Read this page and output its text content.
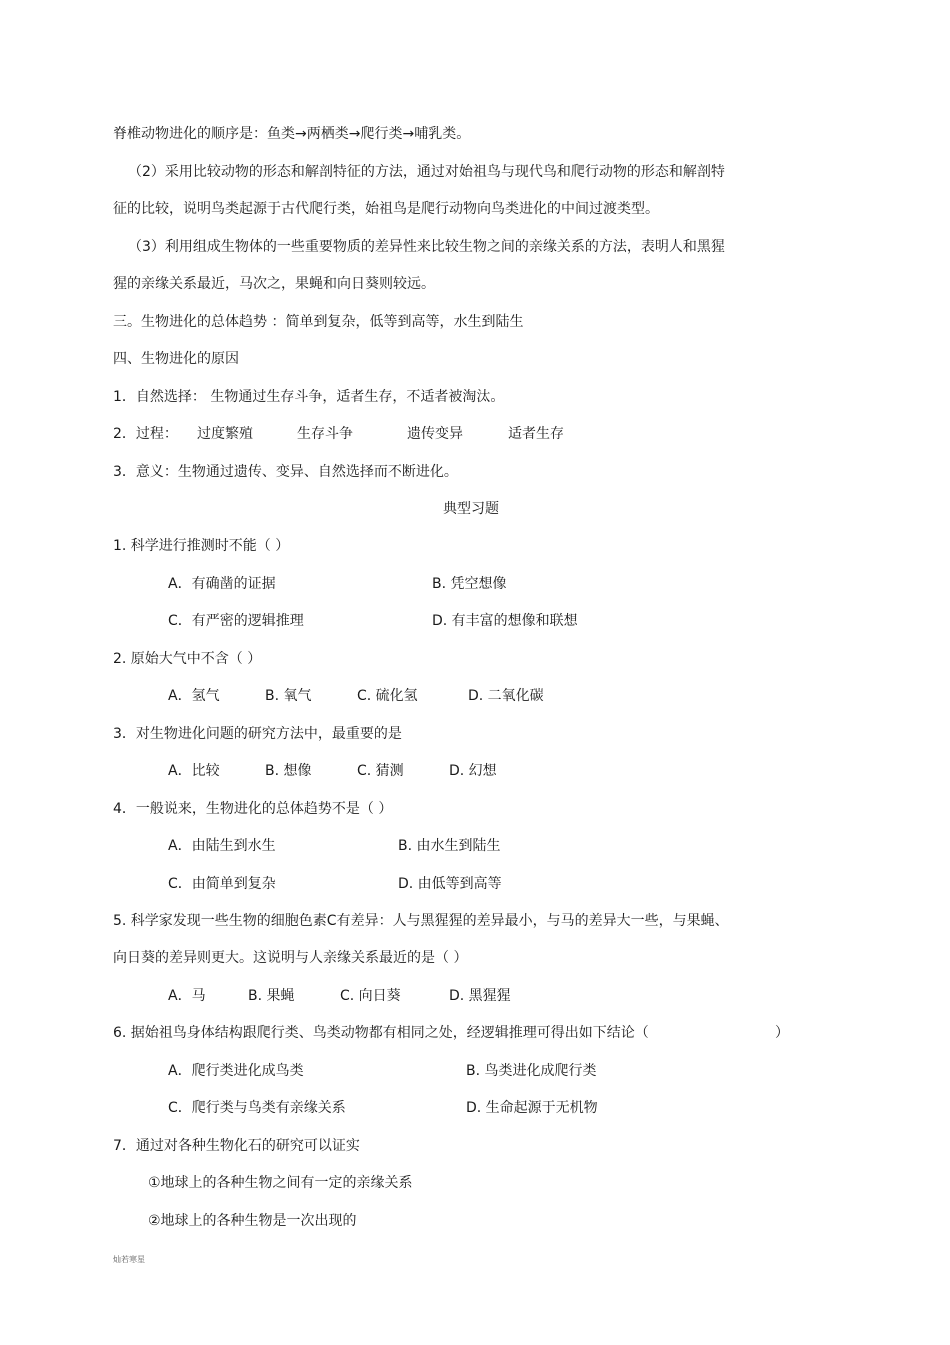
脊椎动物进化的顺序是：鱼类→两栖类→爬行类→哺乳类。
（2）采用比较动物的形态和解剖特征的方法，通过对始祖鸟与现代鸟和爬行动物的形态和解剖特
征的比较，说明鸟类起源于古代爬行类，始祖鸟是爬行动物向鸟类进化的中间过渡类型。
（3）利用组成生物体的一些重要物质的差异性来比较生物之间的亲缘关系的方法，表明人和黑猩
猩的亲缘关系最近，马次之，果蝇和向日葵则较远。
三。生物进化的总体趋势 ：简单到复杂，低等到高等，水生到陆生
四、生物进化的原因
1．自然选择： 生物通过生存斗争，适者生存，不适者被淘汰。
2．过程： 过度繁殖	生存斗争	遗传变异	适者生存
3．意义：生物通过遗传、变异、自然选择而不断进化。
典型习题
1. 科学进行推测时不能（ ）
A．有确凿的证据	B. 凭空想像
C．有严密的逻辑推理	D. 有丰富的想像和联想
2. 原始大气中不含（ ）
A．氢气	B. 氧气	C. 硫化氢	D. 二氧化碳
3．对生物进化问题的研究方法中，最重要的是
A．比较	B. 想像	C. 猜测	D. 幻想
4．一般说来，生物进化的总体趋势不是（ ）
A．由陆生到水生	B. 由水生到陆生
C．由简单到复杂	D. 由低等到高等
5. 科学家发现一些生物的细胞色素C有差异：人与黑猩猩的差异最小，与马的差异大一些，与果蝇、
向日葵的差异则更大。这说明与人亲缘关系最近的是（ ）
A．马	B. 果蝇	C. 向日葵	D. 黑猩猩
6. 据始祖鸟身体结构跟爬行类、鸟类动物都有相同之处，经逻辑推理可得出如下结论（	）
A．爬行类进化成鸟类	B. 鸟类进化成爬行类
C．爬行类与鸟类有亲缘关系	D. 生命起源于无机物
7．通过对各种生物化石的研究可以证实
①地球上的各种生物之间有一定的亲缘关系
②地球上的各种生物是一次出现的
灿若寒星
